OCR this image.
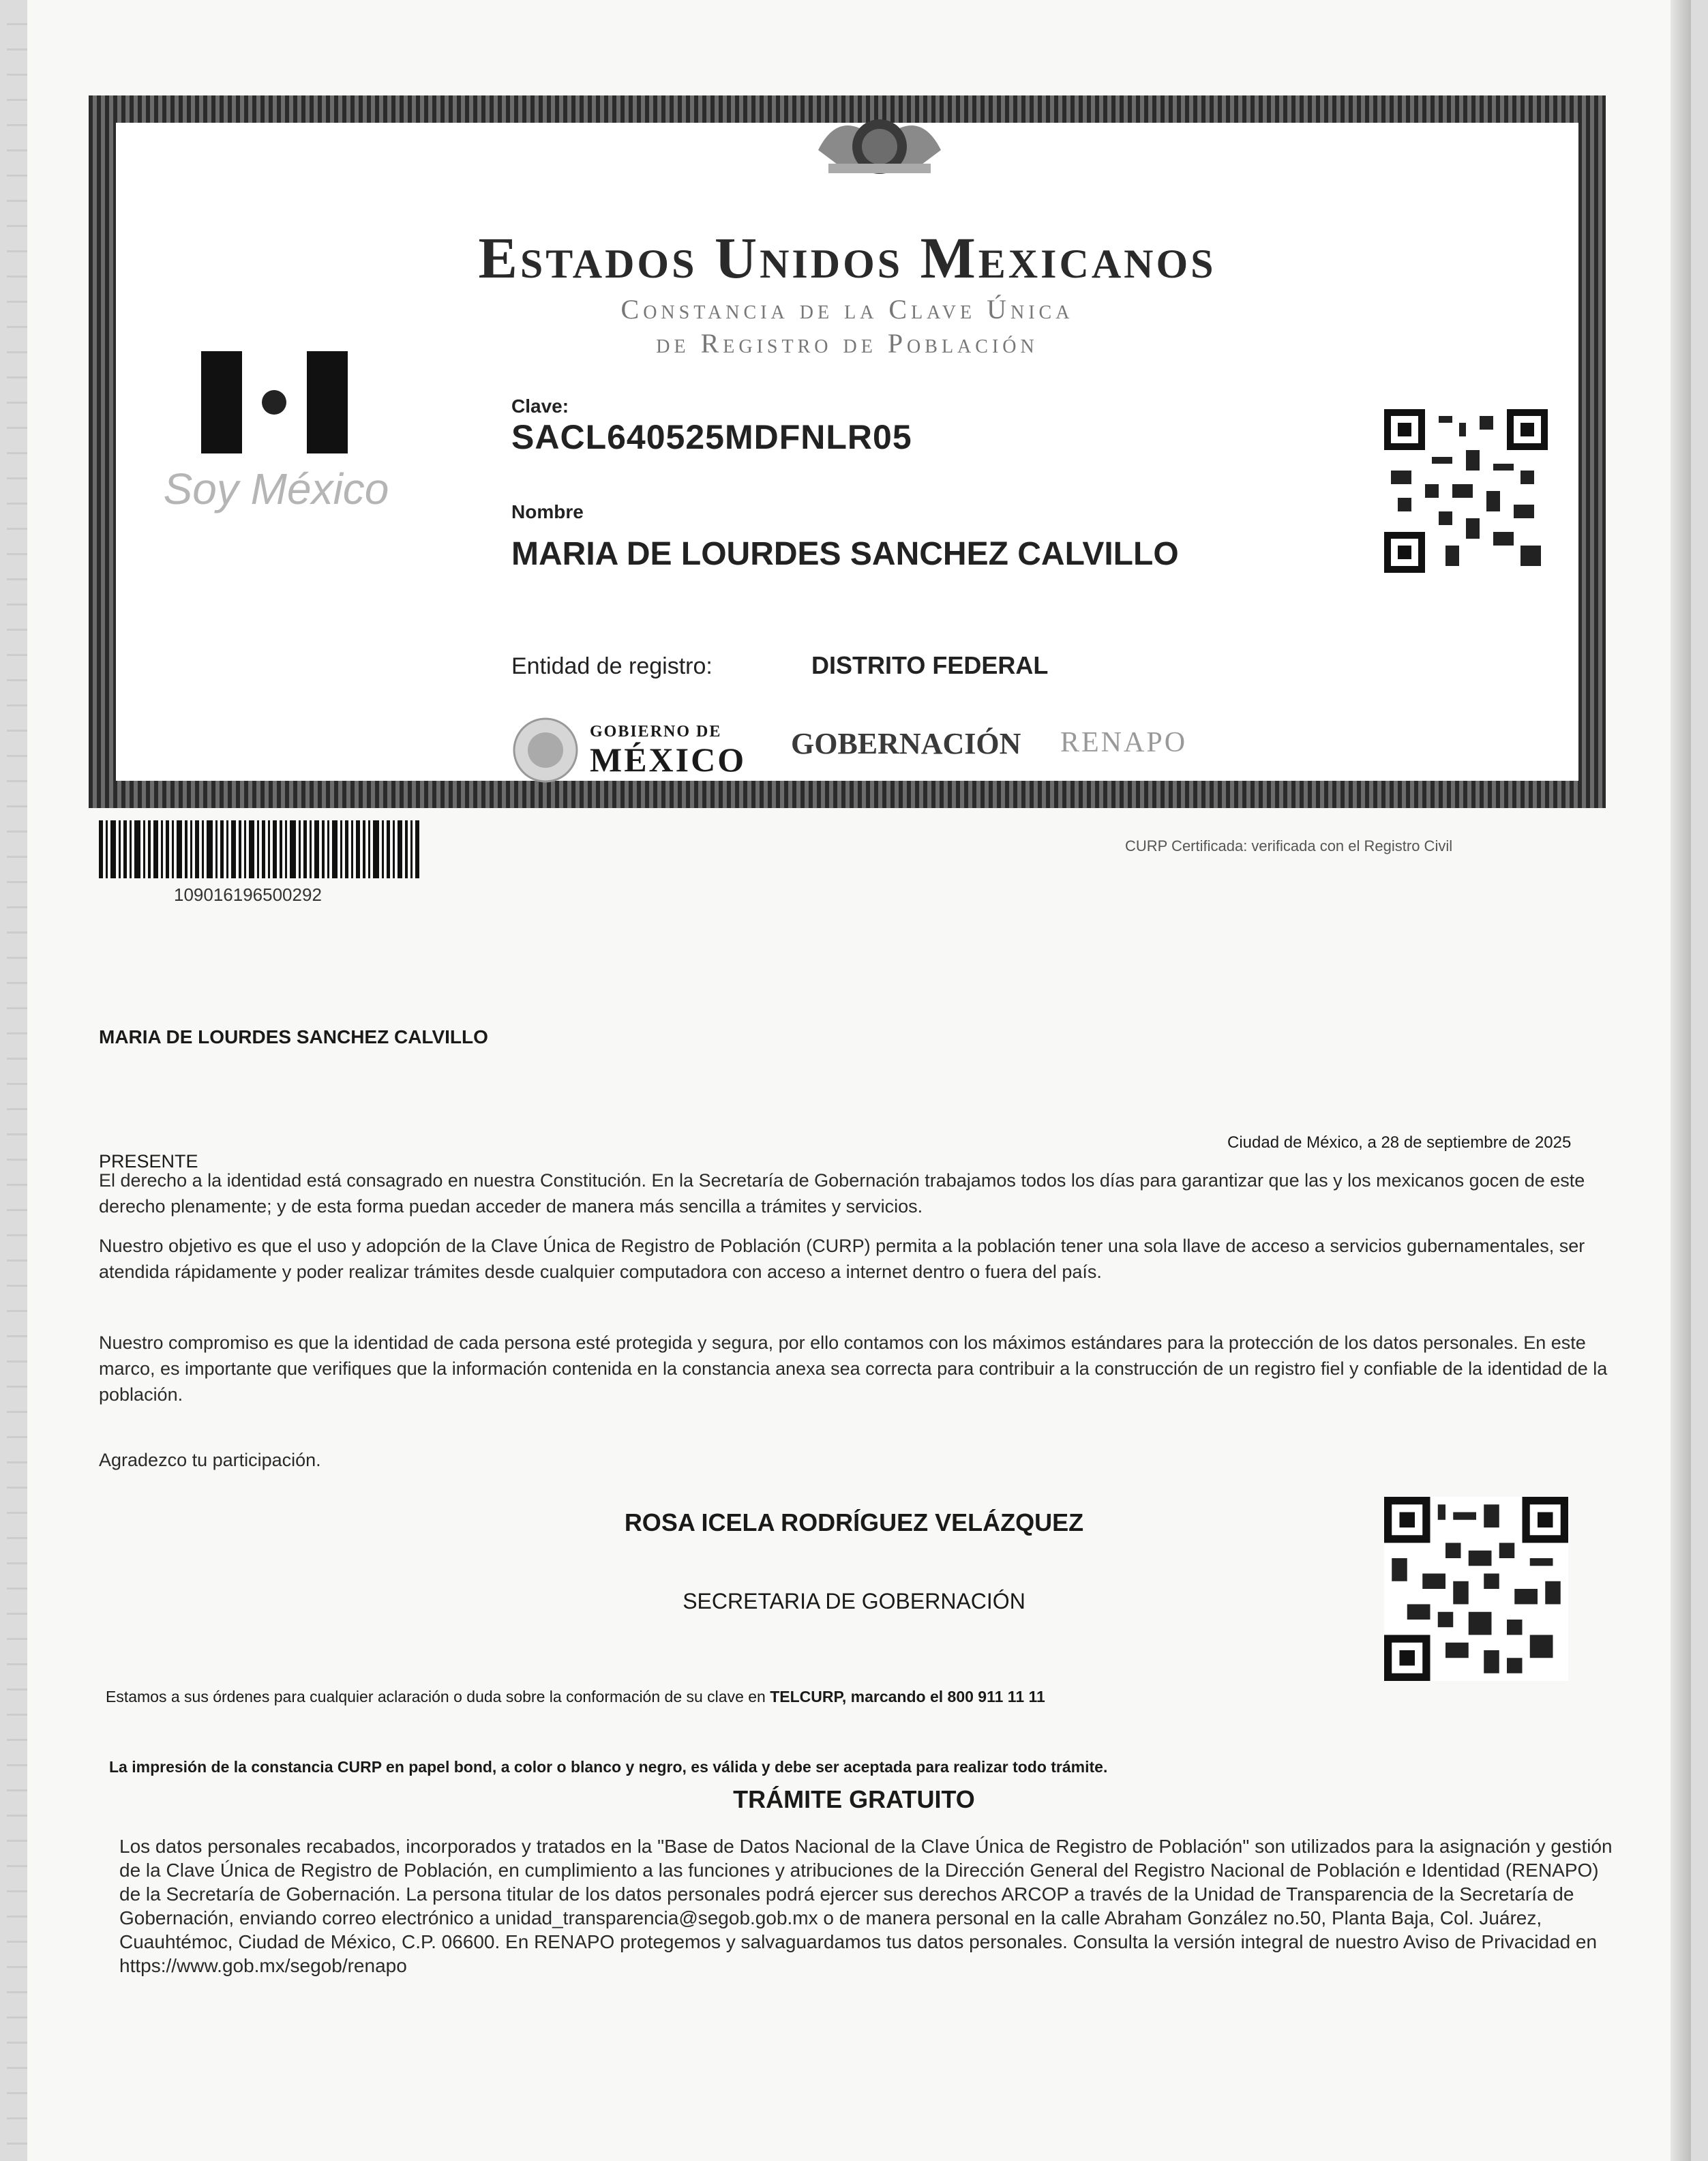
Estados Unidos Mexicanos
Constancia de la Clave Única
de Registro de Población
Soy México
Clave:
SACL640525MDFNLR05
Nombre
MARIA DE LOURDES SANCHEZ CALVILLO
Entidad de registro:	DISTRITO FEDERAL
GOBIERNO DE
MÉXICO GOBERNACIÓN RENAPO
109016196500292
CURP Certificada: verificada con el Registro Civil
MARIA DE LOURDES SANCHEZ CALVILLO
Ciudad de México, a 28 de septiembre de 2025
PRESENTE
El derecho a la identidad está consagrado en nuestra Constitución. En la Secretaría de Gobernación trabajamos todos los días para garantizar que las y los mexicanos gocen de este derecho plenamente; y de esta forma puedan acceder de manera más sencilla a trámites y servicios.
Nuestro objetivo es que el uso y adopción de la Clave Única de Registro de Población (CURP) permita a la población tener una sola llave de acceso a servicios gubernamentales, ser atendida rápidamente y poder realizar trámites desde cualquier computadora con acceso a internet dentro o fuera del país.
Nuestro compromiso es que la identidad de cada persona esté protegida y segura, por ello contamos con los máximos estándares para la protección de los datos personales. En este marco, es importante que verifiques que la información contenida en la constancia anexa sea correcta para contribuir a la construcción de un registro fiel y confiable de la identidad de la población.
Agradezco tu participación.
ROSA ICELA RODRÍGUEZ VELÁZQUEZ
SECRETARIA DE GOBERNACIÓN
Estamos a sus órdenes para cualquier aclaración o duda sobre la conformación de su clave en TELCURP, marcando el 800 911 11 11
La impresión de la constancia CURP en papel bond, a color o blanco y negro, es válida y debe ser aceptada para realizar todo trámite.
TRÁMITE GRATUITO
Los datos personales recabados, incorporados y tratados en la "Base de Datos Nacional de la Clave Única de Registro de Población" son utilizados para la asignación y gestión de la Clave Única de Registro de Población, en cumplimiento a las funciones y atribuciones de la Dirección General del Registro Nacional de Población e Identidad (RENAPO) de la Secretaría de Gobernación. La persona titular de los datos personales podrá ejercer sus derechos ARCOP a través de la Unidad de Transparencia de la Secretaría de Gobernación, enviando correo electrónico a unidad_transparencia@segob.gob.mx o de manera personal en la calle Abraham González no.50, Planta Baja, Col. Juárez, Cuauhtémoc, Ciudad de México, C.P. 06600. En RENAPO protegemos y salvaguardamos tus datos personales. Consulta la versión integral de nuestro Aviso de Privacidad en https://www.gob.mx/segob/renapo
